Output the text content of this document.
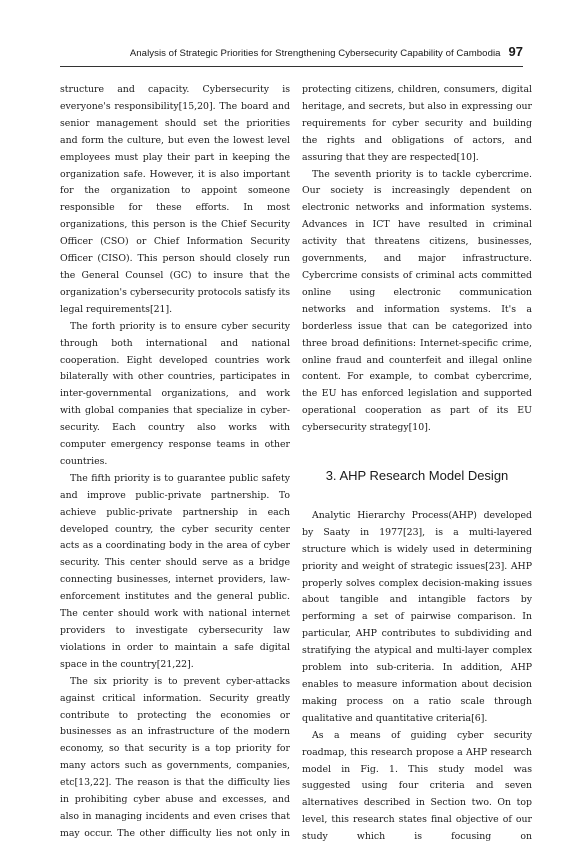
Analysis of Strategic Priorities for Strengthening Cybersecurity Capability of Cambodia 97

structure and capacity. Cybersecurity is everyone's responsibility[15,20]. The board and senior management should set the priorities and form the culture, but even the lowest level employees must play their part in keeping the organization safe. However, it is also important for the organization to appoint someone responsible for these efforts. In most organizations, this person is the Chief Security Officer (CSO) or Chief Information Security Officer (CISO). This person should closely run the General Counsel (GC) to insure that the organization's cybersecurity protocols satisfy its legal requirements[21].

The forth priority is to ensure cyber security through both international and national cooperation. Eight developed countries work bilaterally with other countries, participates in inter-governmental organizations, and work with global companies that specialize in cyber-security. Each country also works with computer emergency response teams in other countries.

The fifth priority is to guarantee public safety and improve public-private partnership. To achieve public-private partnership in each developed country, the cyber security center acts as a coordinating body in the area of cyber security. This center should serve as a bridge connecting businesses, internet providers, law-enforcement institutes and the general public. The center should work with national internet providers to investigate cybersecurity law violations in order to maintain a safe digital space in the country[21,22].

The six priority is to prevent cyber-attacks against critical information. Security greatly contribute to protecting the economies or businesses as an infrastructure of the modern economy, so that security is a top priority for many actors such as governments, companies, etc[13,22]. The reason is that the difficulty lies in prohibiting cyber abuse and excesses, and also in managing incidents and even crises that may occur. The other difficulty lies not only in

protecting citizens, children, consumers, digital heritage, and secrets, but also in expressing our requirements for cyber security and building the rights and obligations of actors, and assuring that they are respected[10].

The seventh priority is to tackle cybercrime. Our society is increasingly dependent on electronic networks and information systems. Advances in ICT have resulted in criminal activity that threatens citizens, businesses, governments, and major infrastructure. Cybercrime consists of criminal acts committed online using electronic communication networks and information systems. It's a borderless issue that can be categorized into three broad definitions: Internet-specific crime, online fraud and counterfeit and illegal online content. For example, to combat cybercrime, the EU has enforced legislation and supported operational cooperation as part of its EU cybersecurity strategy[10].

3. AHP Research Model Design

Analytic Hierarchy Process(AHP) developed by Saaty in 1977[23], is a multi-layered structure which is widely used in determining priority and weight of strategic issues[23]. AHP properly solves complex decision-making issues about tangible and intangible factors by performing a set of pairwise comparison. In particular, AHP contributes to subdividing and stratifying the atypical and multi-layer complex problem into sub-criteria. In addition, AHP enables to measure information about decision making process on a ratio scale through qualitative and quantitative criteria[6].

As a means of guiding cyber security roadmap, this research propose a AHP research model in Fig. 1. This study model was suggested using four criteria and seven alternatives described in Section two. On top level, this research states final objective of our study which is focusing on
